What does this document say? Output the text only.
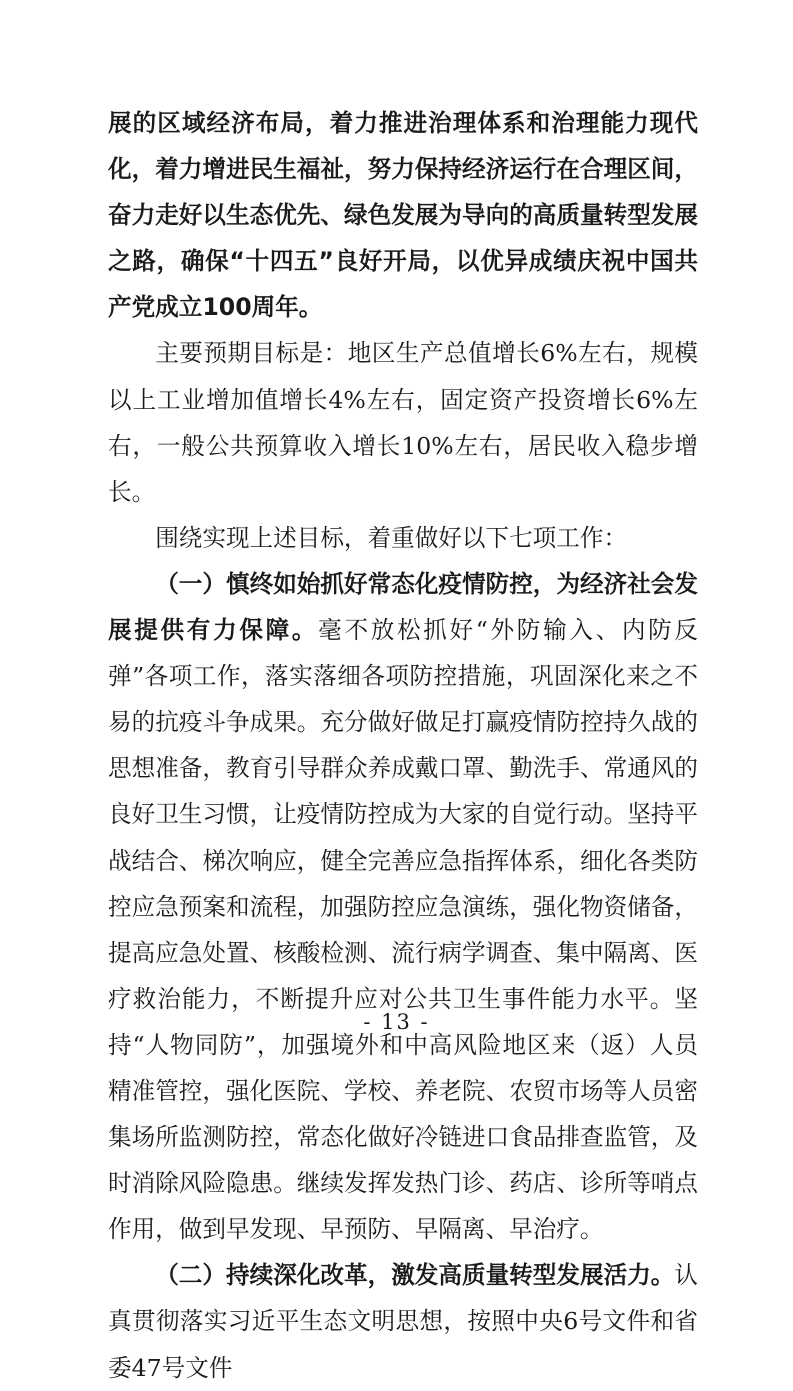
展的区域经济布局，着力推进治理体系和治理能力现代化，着力增进民生福祉，努力保持经济运行在合理区间，奋力走好以生态优先、绿色发展为导向的高质量转型发展之路，确保“十四五”良好开局，以优异成绩庆祝中国共产党成立100周年。

主要预期目标是：地区生产总值增长6%左右，规模以上工业增加值增长4%左右，固定资产投资增长6%左右，一般公共预算收入增长10%左右，居民收入稳步增长。

围绕实现上述目标，着重做好以下七项工作：

（一）慎终如始抓好常态化疫情防控，为经济社会发展提供有力保障。毫不放松抓好“外防输入、内防反弹”各项工作，落实落细各项防控措施，巩固深化来之不易的抗疫斗争成果。充分做好做足打赢疫情防控持久战的思想准备，教育引导群众养成戴口罩、勤洗手、常通风的良好卫生习惯，让疫情防控成为大家的自觉行动。坚持平战结合、梯次响应，健全完善应急指挥体系，细化各类防控应急预案和流程，加强防控应急演练，强化物资储备，提高应急处置、核酸检测、流行病学调查、集中隔离、医疗救治能力，不断提升应对公共卫生事件能力水平。坚持“人物同防”，加强境外和中高风险地区来（返）人员精准管控，强化医院、学校、养老院、农贸市场等人员密集场所监测防控，常态化做好冷链进口食品排查监管，及时消除风险隐患。继续发挥发热门诊、药店、诊所等哨点作用，做到早发现、早预防、早隔离、早治疗。

（二）持续深化改革，激发高质量转型发展活力。认真贯彻落实习近平生态文明思想，按照中央6号文件和省委47号文件

- 13 -
